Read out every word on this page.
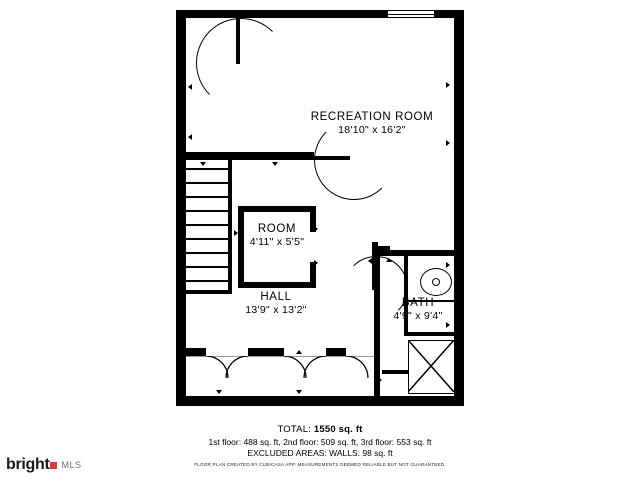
RECREATION ROOM
18'10" x 16'2"
ROOM
4'11" x 5'5"
HALL
13'9" x 13'2"
BATH
4'9" x 9'4"
TOTAL: 1550 sq. ft
1st floor: 488 sq. ft, 2nd floor: 509 sq. ft, 3rd floor: 553 sq. ft
EXCLUDED AREAS: WALLS: 98 sq. ft
FLOOR PLAN CREATED BY CUBICASA APP. MEASUREMENTS DEEMED RELIABLE BUT NOT GUARANTEED.
bright MLS
